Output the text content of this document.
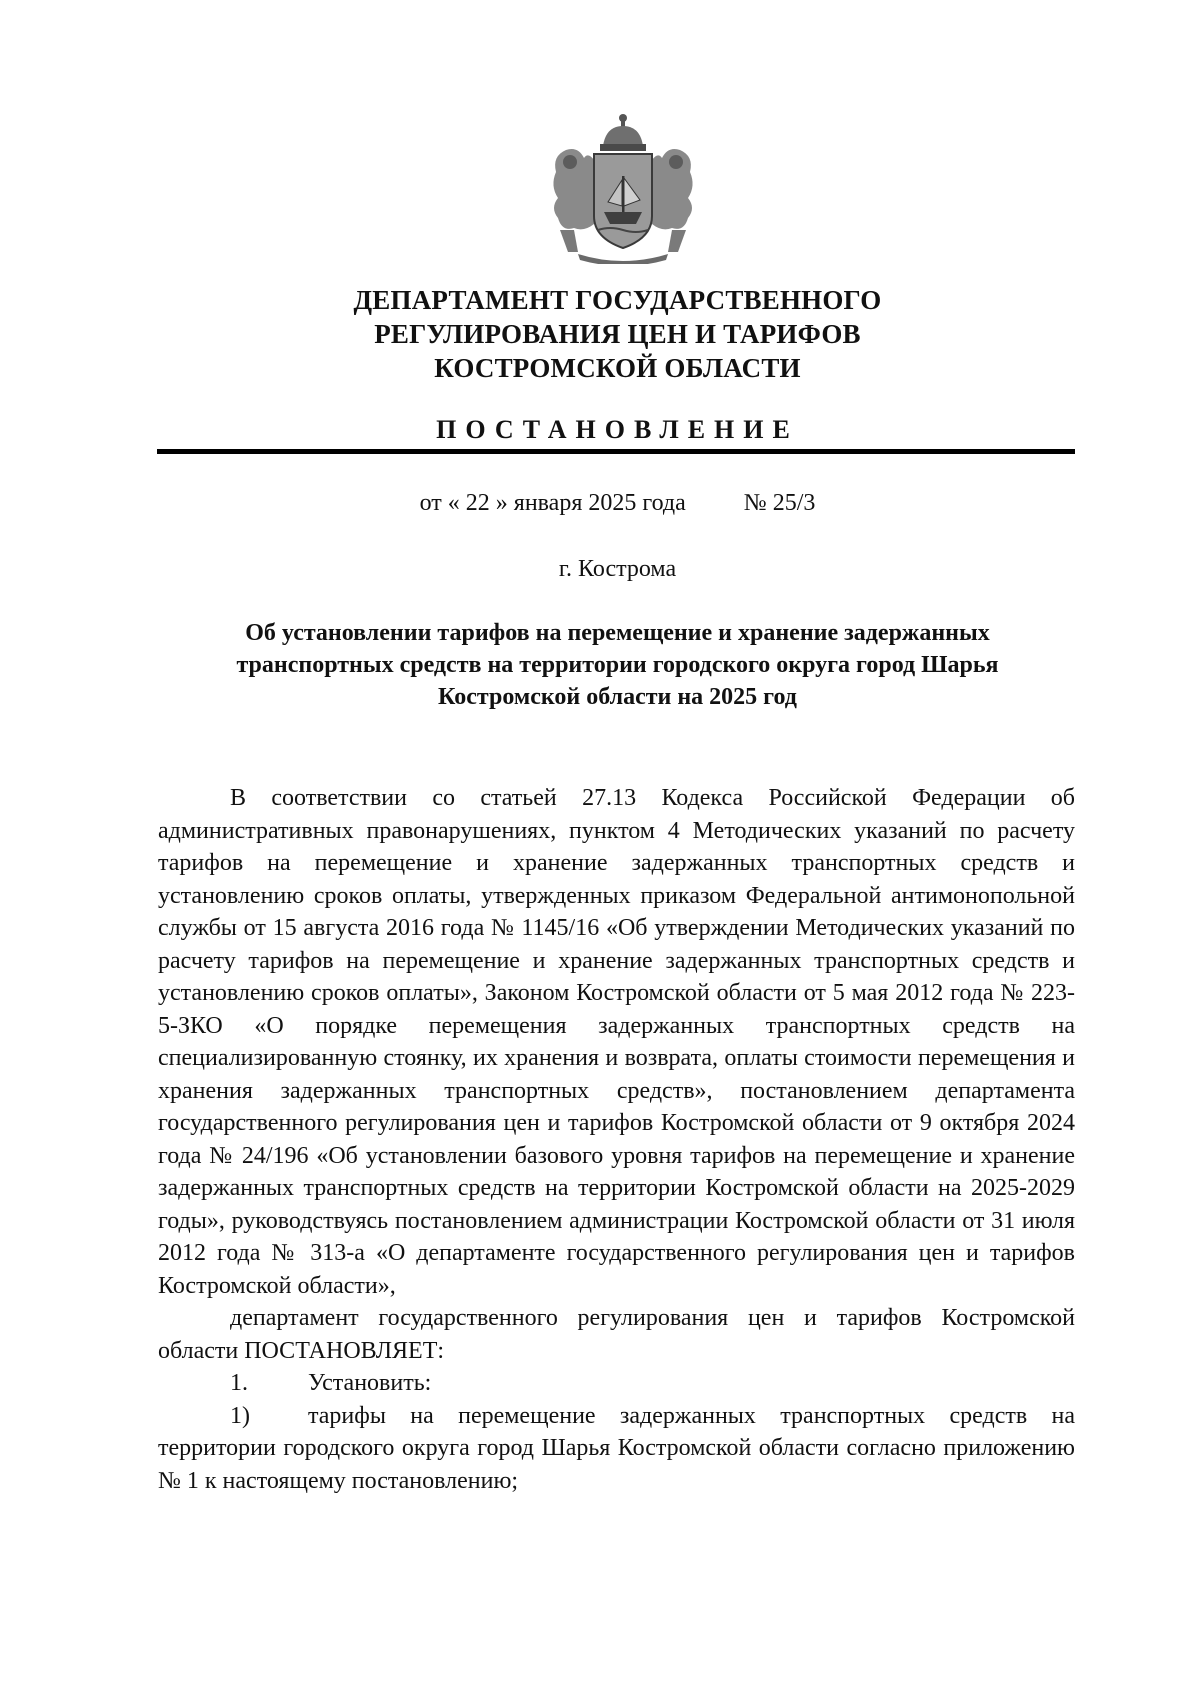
ДЕПАРТАМЕНТ ГОСУДАРСТВЕННОГО
РЕГУЛИРОВАНИЯ ЦЕН И ТАРИФОВ
КОСТРОМСКОЙ ОБЛАСТИ
ПОСТАНОВЛЕНИЕ
от « 22 » января 2025 года № 25/3
г. Кострома
Об установлении тарифов на перемещение и хранение задержанных
транспортных средств на территории городского округа город Шарья
Костромской области на 2025 год

В соответствии со статьей 27.13 Кодекса Российской Федерации об административных правонарушениях, пунктом 4 Методических указаний по расчету тарифов на перемещение и хранение задержанных транспортных средств и установлению сроков оплаты, утвержденных приказом Федеральной антимонопольной службы от 15 августа 2016 года № 1145/16 «Об утверждении Методических указаний по расчету тарифов на перемещение и хранение задержанных транспортных средств и установлению сроков оплаты», Законом Костромской области от 5 мая 2012 года № 223-5-ЗКО «О порядке перемещения задержанных транспортных средств на специализированную стоянку, их хранения и возврата, оплаты стоимости перемещения и хранения задержанных транспортных средств», постановлением департамента государственного регулирования цен и тарифов Костромской области от 9 октября 2024 года № 24/196 «Об установлении базового уровня тарифов на перемещение и хранение задержанных транспортных средств на территории Костромской области на 2025-2029 годы», руководствуясь постановлением администрации Костромской области от 31 июля 2012 года № 313-а «О департаменте государственного регулирования цен и тарифов Костромской области»,

департамент государственного регулирования цен и тарифов Костромской области ПОСТАНОВЛЯЕТ:

1.	Установить:

1) тарифы на перемещение задержанных транспортных средств на территории городского округа город Шарья Костромской области согласно приложению № 1 к настоящему постановлению;
